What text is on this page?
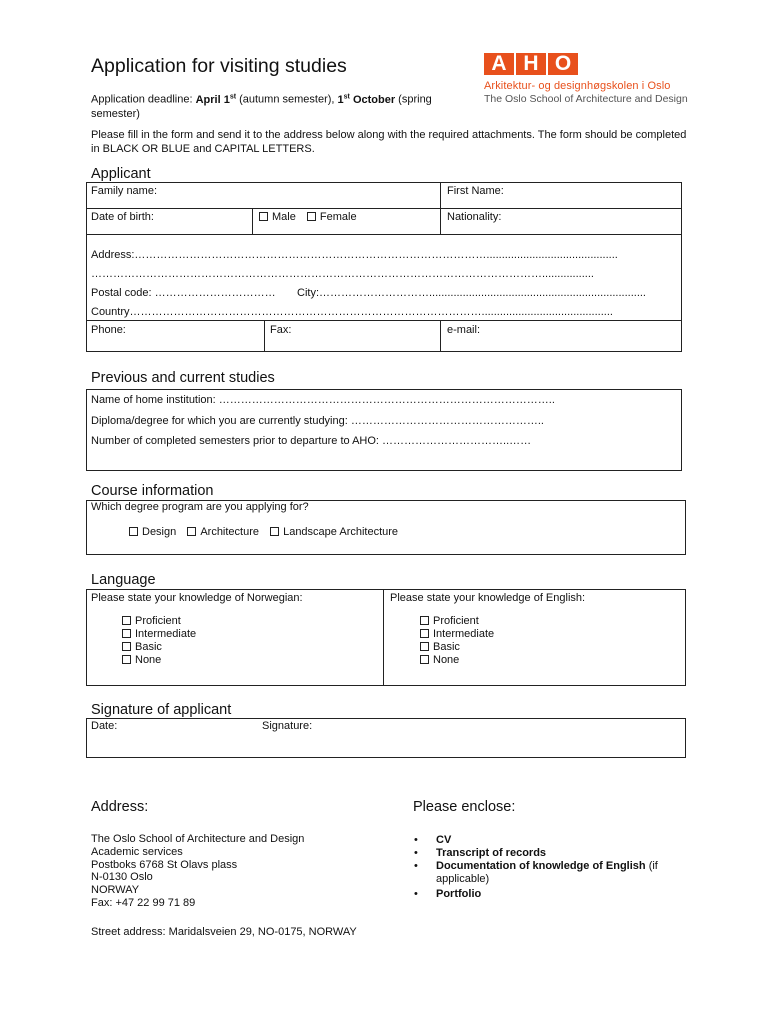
Application for visiting studies
Application deadline: April 1st (autumn semester), 1st October (spring semester)
Please fill in the form and send it to the address below along with the required attachments. The form should be completed in BLACK OR BLUE and CAPITAL LETTERS.
A H O
Arkitektur- og designhøgskolen i Oslo
The Oslo School of Architecture and Design
Applicant
Family name:	First Name:
Date of birth:	Male Female	Nationality:
Address:……………………………………………………………………………………...........................................
…………………………………………………………………………………………………………….................
Postal code: …………………………… City:………………………….......................................................................
Country……………………………………………………………………………………...........................................
Phone:	Fax:	e-mail:
Previous and current studies
Name of home institution: ………………………………………………………………………………..
Diploma/degree for which you are currently studying: ……………………………………………..
Number of completed semesters prior to departure to AHO: ……………………………..……
Course information
Which degree program are you applying for?
Design Architecture Landscape Architecture
Language
Please state your knowledge of Norwegian:	Please state your knowledge of English:
Proficient
Intermediate
Basic
None
Proficient
Intermediate
Basic
None
Signature of applicant
Date:	Signature:
Address:
The Oslo School of Architecture and Design
Academic services
Postboks 6768 St Olavs plass
N-0130 Oslo
NORWAY
Fax: +47 22 99 71 89
Street address: Maridalsveien 29, NO-0175, NORWAY
Please enclose:
• CV
• Transcript of records
• Documentation of knowledge of English (if applicable)
• Portfolio
